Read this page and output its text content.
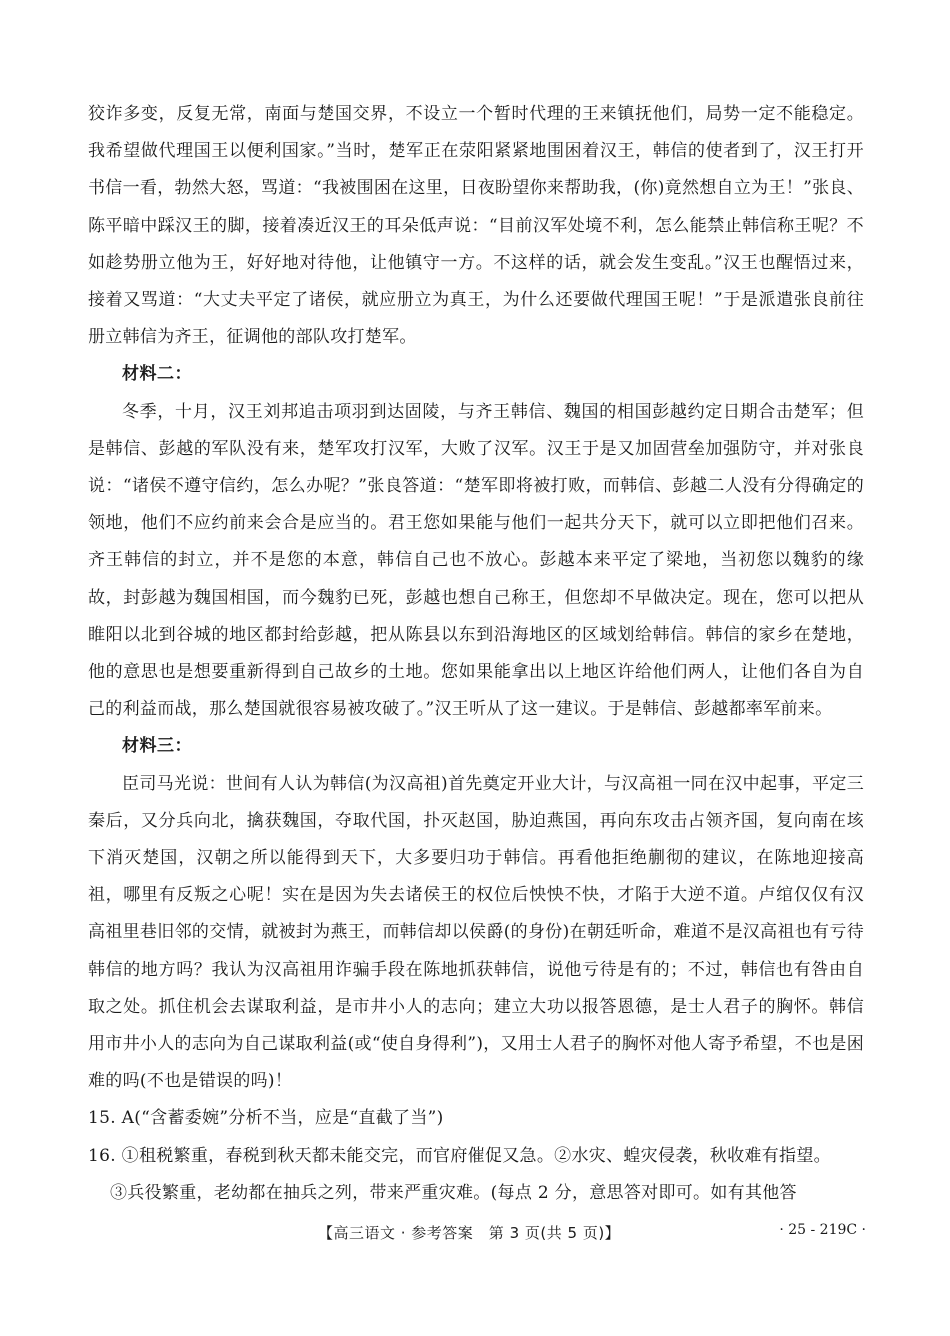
狡诈多变，反复无常，南面与楚国交界，不设立一个暂时代理的王来镇抚他们，局势一定不能稳定。我希望做代理国王以便利国家。”当时，楚军正在荥阳紧紧地围困着汉王，韩信的使者到了，汉王打开书信一看，勃然大怒，骂道：“我被围困在这里，日夜盼望你来帮助我，(你)竟然想自立为王！”张良、陈平暗中踩汉王的脚，接着凑近汉王的耳朵低声说：“目前汉军处境不利，怎么能禁止韩信称王呢？不如趁势册立他为王，好好地对待他，让他镇守一方。不这样的话，就会发生变乱。”汉王也醒悟过来，接着又骂道：“大丈夫平定了诸侯，就应册立为真王，为什么还要做代理国王呢！”于是派遣张良前往册立韩信为齐王，征调他的部队攻打楚军。

材料二：

冬季，十月，汉王刘邦追击项羽到达固陵，与齐王韩信、魏国的相国彭越约定日期合击楚军；但是韩信、彭越的军队没有来，楚军攻打汉军，大败了汉军。汉王于是又加固营垒加强防守，并对张良说：“诸侯不遵守信约，怎么办呢？”张良答道：“楚军即将被打败，而韩信、彭越二人没有分得确定的领地，他们不应约前来会合是应当的。君王您如果能与他们一起共分天下，就可以立即把他们召来。齐王韩信的封立，并不是您的本意，韩信自己也不放心。彭越本来平定了梁地，当初您以魏豹的缘故，封彭越为魏国相国，而今魏豹已死，彭越也想自己称王，但您却不早做决定。现在，您可以把从睢阳以北到谷城的地区都封给彭越，把从陈县以东到沿海地区的区域划给韩信。韩信的家乡在楚地，他的意思也是想要重新得到自己故乡的土地。您如果能拿出以上地区许给他们两人，让他们各自为自己的利益而战，那么楚国就很容易被攻破了。”汉王听从了这一建议。于是韩信、彭越都率军前来。

材料三：

臣司马光说：世间有人认为韩信(为汉高祖)首先奠定开业大计，与汉高祖一同在汉中起事，平定三秦后，又分兵向北，擒获魏国，夺取代国，扑灭赵国，胁迫燕国，再向东攻击占领齐国，复向南在垓下消灭楚国，汉朝之所以能得到天下，大多要归功于韩信。再看他拒绝蒯彻的建议，在陈地迎接高祖，哪里有反叛之心呢！实在是因为失去诸侯王的权位后怏怏不快，才陷于大逆不道。卢绾仅仅有汉高祖里巷旧邻的交情，就被封为燕王，而韩信却以侯爵(的身份)在朝廷听命，难道不是汉高祖也有亏待韩信的地方吗？我认为汉高祖用诈骗手段在陈地抓获韩信，说他亏待是有的；不过，韩信也有咎由自取之处。抓住机会去谋取利益，是市井小人的志向；建立大功以报答恩德，是士人君子的胸怀。韩信用市井小人的志向为自己谋取利益(或“使自身得利”)，又用士人君子的胸怀对他人寄予希望，不也是困难的吗(不也是错误的吗)！

15. A(“含蓄委婉”分析不当，应是“直截了当”)

16. ①租税繁重，春税到秋天都未能交完，而官府催促又急。②水灾、蝗灾侵袭，秋收难有指望。

③兵役繁重，老幼都在抽兵之列，带来严重灾难。(每点 2 分，意思答对即可。如有其他答

【高三语文 · 参考答案　第 3 页(共 5 页)】	· 25 - 219C ·
